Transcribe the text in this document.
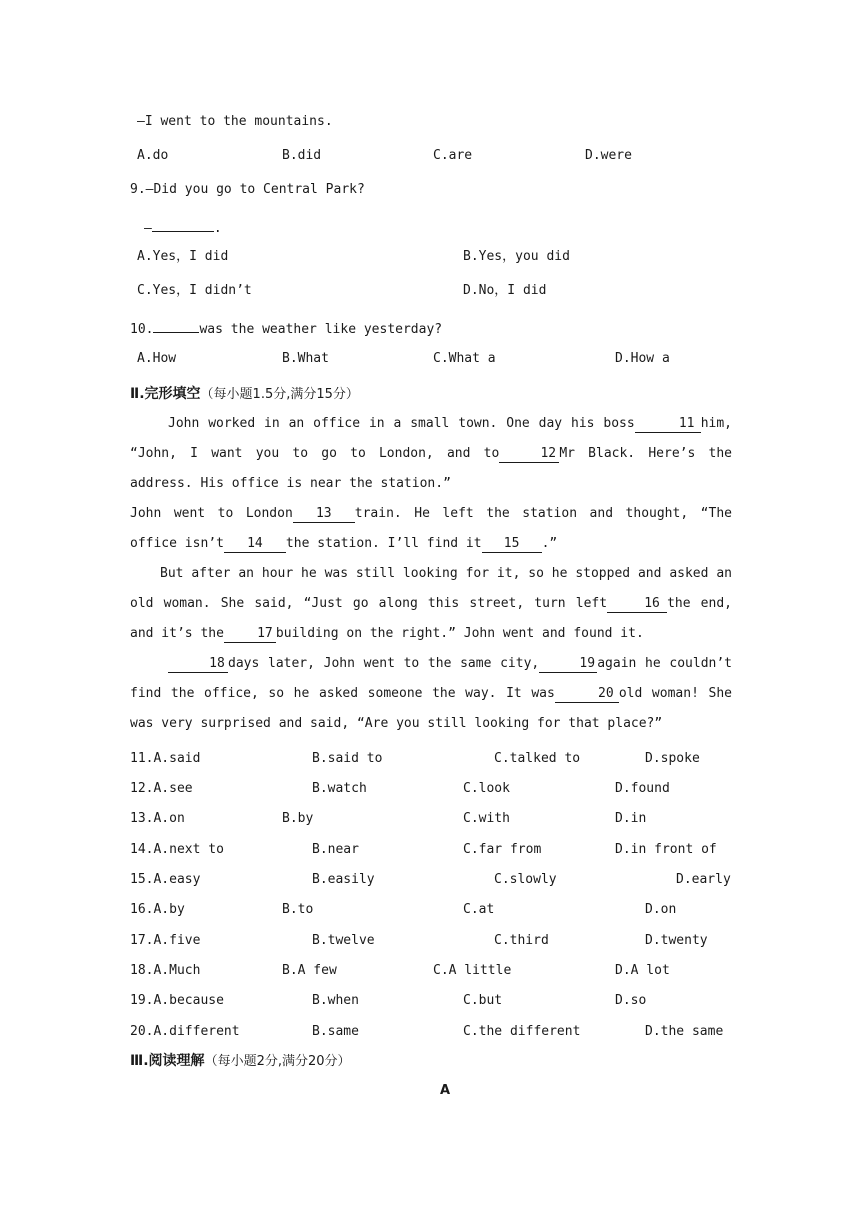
—I went to the mountains.
A.do	B.did	C.are	D.were
9.—Did you go to Central Park?
—	.
A.Yes，I did	B.Yes，you did
C.Yes，I didn’t	D.No，I did
10.	was the weather like yesterday?
A.How	B.What	C.What a	D.How a
Ⅱ.完形填空（每小题1.5分,满分15分）

John worked in an office in a small town. One day his boss	11 him, “John, I want you to go to London, and to	12 Mr Black. Here’s the address. His office is near the station.”

John went to London 13 train. He left the station and thought, “The office isn’t 14 the station. I’ll find it 15 .”

But after an hour he was still looking for it, so he stopped and asked an old woman. She said, “Just go along this street, turn left	16 the end, and it’s the	17 building on the right.” John went and found it.

18 days later, John went to the same city,	19 again he couldn’t find the office, so he asked someone the way. It was	20 old woman! She was very surprised and said, “Are you still looking for that place?”

11.A.said	B.said to	C.talked to	D.spoke
12.A.see	B.watch	C.look	D.found
13.A.on	B.by	C.with	D.in
14.A.next to	B.near	C.far from	D.in front of
15.A.easy	B.easily	C.slowly	D.early
16.A.by	B.to	C.at	D.on
17.A.five	B.twelve	C.third	D.twenty
18.A.Much	B.A few	C.A little	D.A lot
19.A.because	B.when	C.but	D.so
20.A.different	B.same	C.the different	D.the same
Ⅲ.阅读理解（每小题2分,满分20分）
A
